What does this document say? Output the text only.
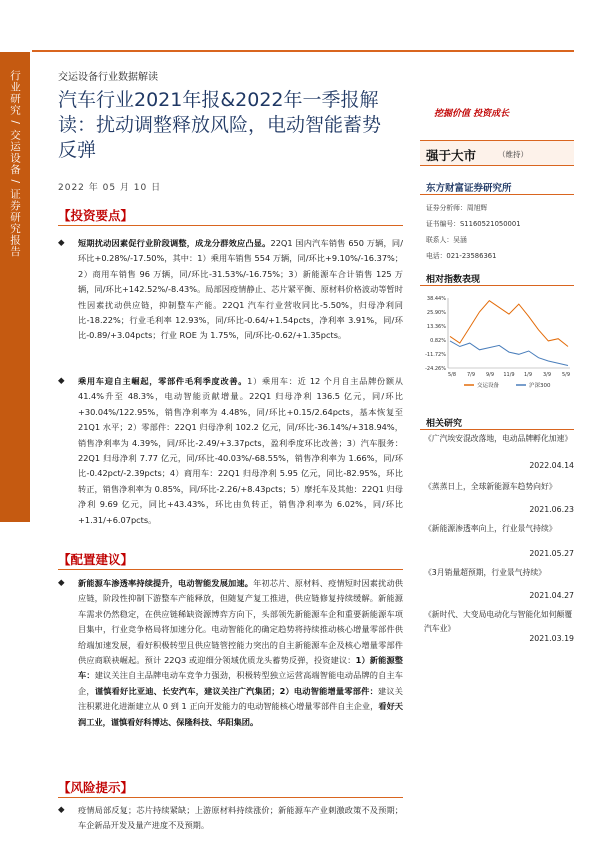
行业研究 / 交运设备 / 证券研究报告	交运设备行业数据解读
汽车行业2021年报&2022年一季报解读：扰动调整释放风险，电动智能蓄势反弹
2022 年 05 月 10 日
【投资要点】
◆ 短期扰动因素促行业阶段调整，成龙分群效应凸显。22Q1 国内汽车销售 650 万辆，同/环比+0.28%/-17.50%，其中：1）乘用车销售 554 万辆，同/环比+9.10%/-16.37%；2）商用车销售 96 万辆，同/环比-31.53%/-16.75%；3）新能源车合计销售 125 万辆，同/环比+142.52%/-8.43%。局部因疫情静止、芯片紧平衡、原材料价格波动等暂时性因素扰动供应链，抑制整车产能。22Q1 汽车行业营收同比-5.50%，归母净利同比-18.22%；行业毛利率 12.93%，同/环比-0.64/+1.54pcts，净利率 3.91%，同/环比-0.89/+3.04pcts；行业 ROE 为 1.75%，同/环比-0.62/+1.35pcts。
◆ 乘用车迎自主崛起，零部件毛利季度改善。1）乘用车：近 12 个月自主品牌份额从 41.4%升至 48.3%，电动智能贡献增量。22Q1 归母净利 136.5 亿元，同/环比+30.04%/122.95%，销售净利率为 4.48%，同/环比+0.15/2.64pcts，基本恢复至 21Q1 水平；2）零部件：22Q1 归母净利 102.2 亿元，同/环比-36.14%/+318.94%，销售净利率为 4.39%，同/环比-2.49/+3.37pcts，盈利季度环比改善；3）汽车服务：22Q1 归母净利 7.77 亿元，同/环比-40.03%/-68.55%，销售净利率为 1.66%，同/环比-0.42pct/-2.39pcts；4）商用车：22Q1 归母净利 5.95 亿元，同比-82.95%，环比转正，销售净利率为 0.85%，同/环比-2.26/+8.43pcts；5）摩托车及其他：22Q1 归母净利 9.69 亿元，同比+43.43%，环比由负转正，销售净利率为 6.02%，同/环比+1.31/+6.07pcts。
【配置建议】
◆ 新能源车渗透率持续提升，电动智能发展加速。年初芯片、原材料、疫情短时因素扰动供应链，阶段性抑制下游整车产能释放，但随复产复工推进，供应链修复持续缓解。新能源车需求仍然稳定，在供应链稀缺资源博弈方向下，头部领先新能源车企和重要新能源车项目集中，行业竞争格局将加速分化。电动智能化的确定趋势将持续推动核心增量零部件供给端加速发展，看好积极转型且供应链管控能力突出的自主新能源车企及核心增量零部件供应商联袂崛起。预计 22Q3 或迎细分领域优质龙头蓄势反弹，投资建议：1）新能源整车：建议关注自主品牌电动车竞争力强劲，积极转型独立运营高端智能电动品牌的自主车企，谨慎看好比亚迪、长安汽车，建议关注广汽集团；2）电动智能增量零部件：建议关注积累进化进渐建立从 0 到 1 正向开发能力的电动智能核心增量零部件自主企业，看好天润工业，谨慎看好科博达、保隆科技、华阳集团。
【风险提示】
◆ 疫情局部反复；芯片持续紧缺；上游原材料持续涨价；新能源车产业刺激政策不及预期；车企新品开发及量产进度不及预期。
挖掘价值 投资成长
强于大市	（维持）
东方财富证券研究所
证券分析师：周旭辉
证书编号：S1160521050001
联系人：吴涵
电话：021-23586361
相对指数表现
38.44%
25.90%
13.36%
0.82%
-11.72%
-24.26%
5/8 7/9 9/9 11/9 1/9 3/9 5/9
交运设备	沪深300
相关研究
《广汽埃安混改落地，电动品牌孵化加速》
2022.04.14
《蒸蒸日上，全球新能源车趋势向好》
2021.06.23
《新能源渗透率向上，行业景气持续》
2021.05.27
《3月销量超预期，行业景气持续》
2021.04.27
《新时代、大变局电动化与智能化如何颠覆汽车业》
2021.03.19
